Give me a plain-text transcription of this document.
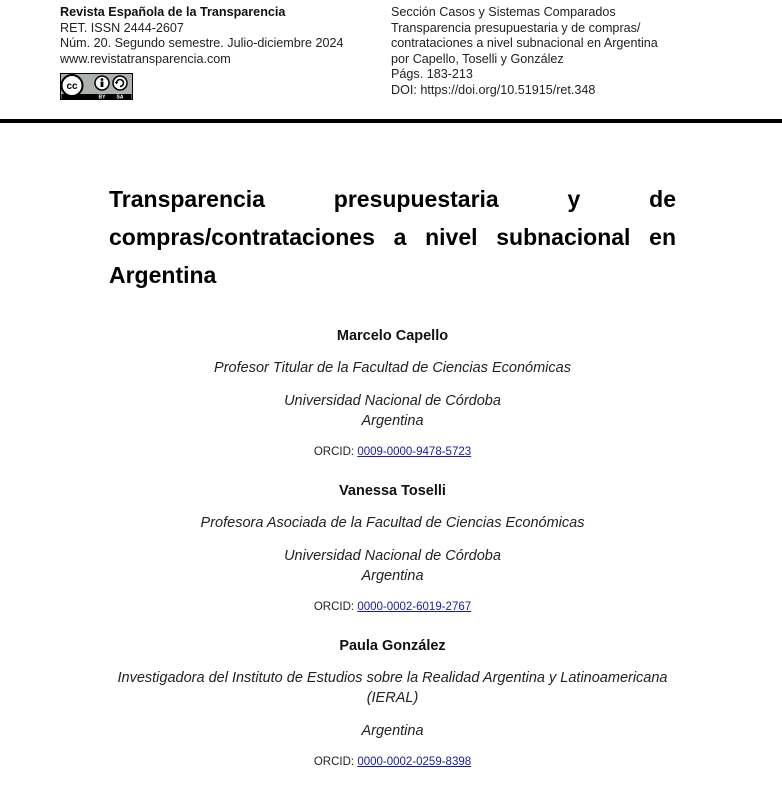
Revista Española de la Transparencia
RET. ISSN 2444-2607
Núm. 20. Segundo semestre. Julio-diciembre 2024
www.revistatransparencia.com
cc
BY SA
Sección Casos y Sistemas Comparados
Transparencia presupuestaria y de compras/
contrataciones a nivel subnacional en Argentina
por Capello, Toselli y González
Págs. 183-213
DOI: https://doi.org/10.51915/ret.348
Transparencia presupuestaria y de compras/contrataciones a nivel subnacional en Argentina
Marcelo Capello
Profesor Titular de la Facultad de Ciencias Económicas
Universidad Nacional de Córdoba
Argentina
ORCID: 0009-0000-9478-5723
Vanessa Toselli
Profesora Asociada de la Facultad de Ciencias Económicas
Universidad Nacional de Córdoba
Argentina
ORCID: 0000-0002-6019-2767
Paula González
Investigadora del Instituto de Estudios sobre la Realidad Argentina y Latinoamericana (IERAL)
Argentina
ORCID: 0000-0002-0259-8398
